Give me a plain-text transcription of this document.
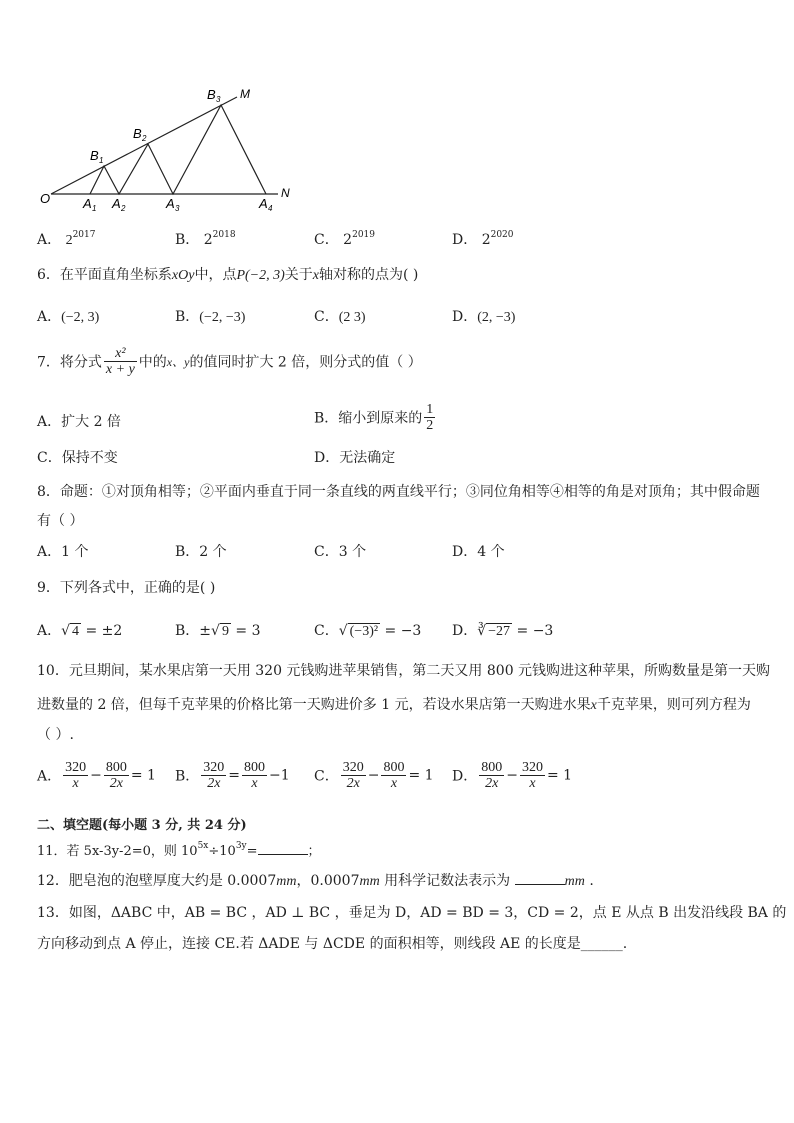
O	N
M
B 1
B 2
B 3
A 1 A 2	A 3	A 4
A． $2^{2017}$	B． $2^{2018}$	C． $2^{2019}$	D． $2^{2020}$
6．在平面直角坐标系xOy中，点P(−2, 3)关于x轴对称的点为( )
A．(−2, 3)	B．(−2, −3)	C．(2 3)	D．(2, −3)
7．将分式 $\frac{\text{x²}}{x + y}$ 中的x、y的值同时扩大 2 倍，则分式的值（ ）
A．扩大 2 倍	B．缩小到原来的 $\frac{1}{2}$
C．保持不变	D．无法确定
8．命题：①对顶角相等；②平面内垂直于同一条直线的两直线平行；③同位角相等④相等的角是对顶角；其中假命题
有（ ）
A．1 个	B．2 个	C．3 个	D．4 个
9．下列各式中，正确的是( )
A．√ 4 = ±2	B．±√ 9 = 3	C．√ (−3)² = −3 D．∛ −27 = −3
10．元旦期间，某水果店第一天用 320 元钱购进苹果销售，第二天又用 800 元钱购进这种苹果，所购数量是第一天购
进数量的 2 倍，但每千克苹果的价格比第一天购进价多 1 元，若设水果店第一天购进水果x千克苹果，则可列方程为
（ ）.
A． $\frac{320}{x} - \frac{800}{2x} = 1$ B． $\frac{320}{2x} = \frac{800}{x} -1$ C． $\frac{320}{2x} - \frac{800}{x} = 1$ D． $\frac{800}{2x} - \frac{320}{x} = 1$
二、填空题(每小题 3 分, 共 24 分)
11．若 5x-3y-2=0，则 $10^{5x}\div 10^{3y}=$	；
12．肥皂泡的泡壁厚度大约是 0.0007mm，0.0007mm 用科学记数法表示为	mm .
13．如图，ΔABC 中，AB = BC ，AD ⊥ BC ，垂足为 D，AD = BD = 3，CD = 2，点 E 从点 B 出发沿线段 BA 的
方向移动到点 A 停止，连接 CE.若 ΔADE 与 ΔCDE 的面积相等，则线段 AE 的长度是______.
